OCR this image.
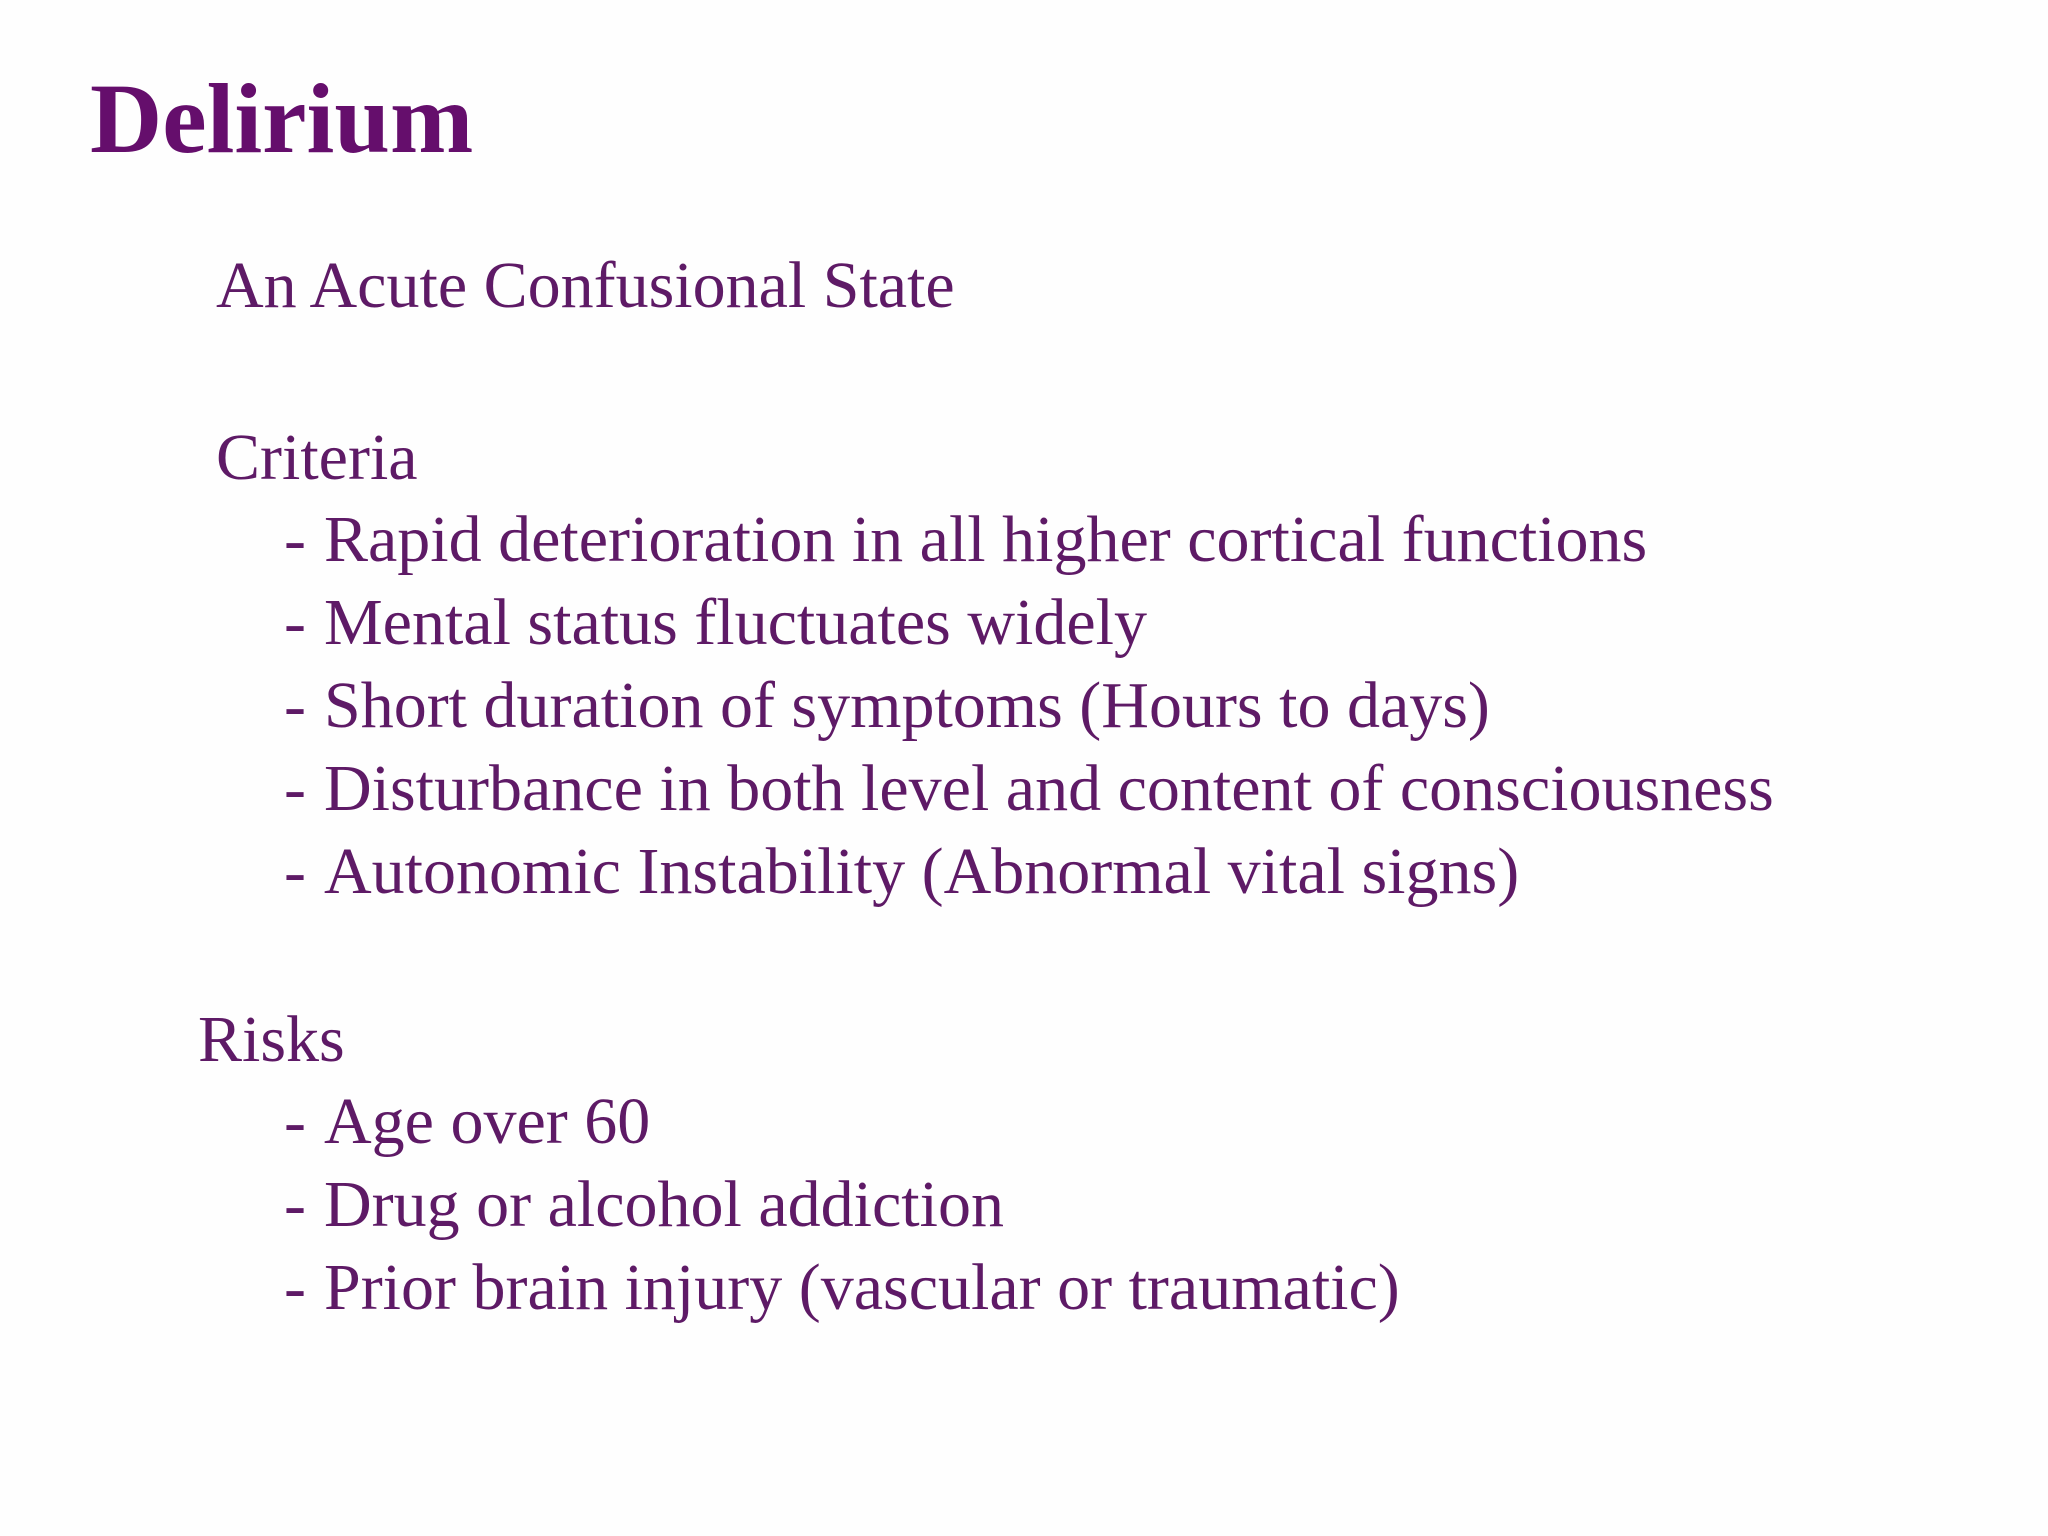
Delirium
An Acute Confusional State
Criteria
- Rapid deterioration in all higher cortical functions
- Mental status fluctuates widely
- Short duration of symptoms (Hours to days)
- Disturbance in both level and content of consciousness
- Autonomic Instability (Abnormal vital signs)
Risks
- Age over 60
- Drug or alcohol addiction
- Prior brain injury (vascular or traumatic)
